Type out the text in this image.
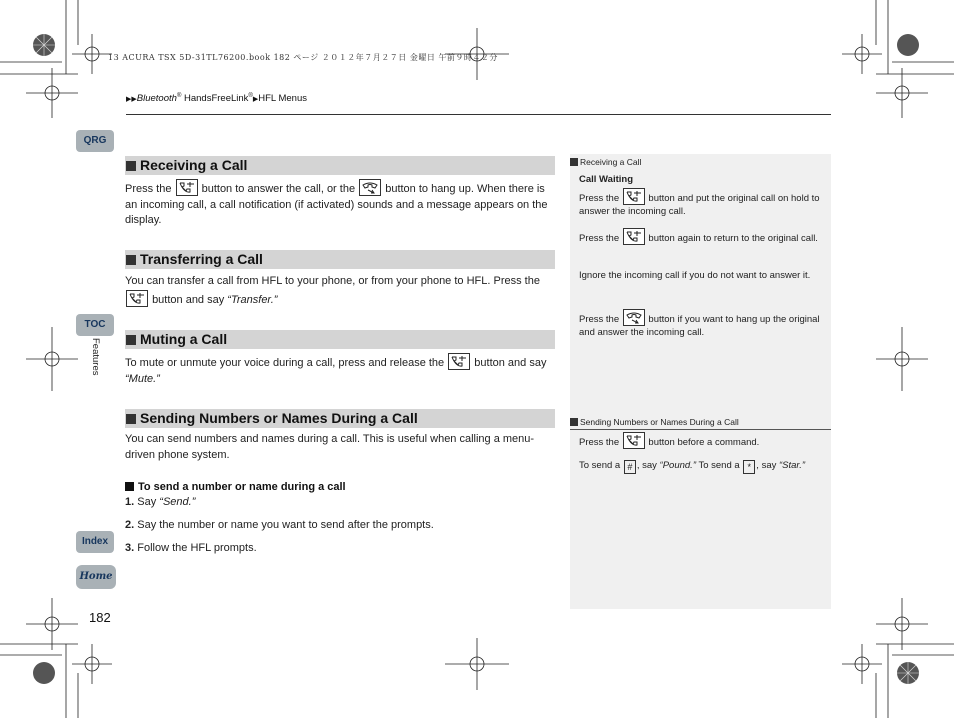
13 ACURA TSX 5D-31TL76200.book 182 ページ ２０１２年７月２７日 金曜日 午前９時４２分
▶▶Bluetooth® HandsFreeLink®▶HFL Menus
QRG
TOC
Features
Index
Home
182
Receiving a Call
Press the	button to answer the call, or the	button to hang up. When there is an incoming call, a call notification (if activated) sounds and a message appears on the display.
Transferring a Call
You can transfer a call from HFL to your phone, or from your phone to HFL. Press the
button and say “Transfer.”
Muting a Call
To mute or unmute your voice during a call, press and release the	button and say “Mute.”
Sending Numbers or Names During a Call
You can send numbers and names during a call. This is useful when calling a menu-driven phone system.
To send a number or name during a call
1. Say “Send.”
2. Say the number or name you want to send after the prompts.
3. Follow the HFL prompts.
Receiving a Call
Call Waiting
Press the	button and put the original call on hold to answer the incoming call.
Press the	button again to return to the original call.
Ignore the incoming call if you do not want to answer it.
Press the	button if you want to hang up the original and answer the incoming call.
Sending Numbers or Names During a Call
Press the	button before a command.
To send a # , say “Pound.” To send a * , say “Star.”
